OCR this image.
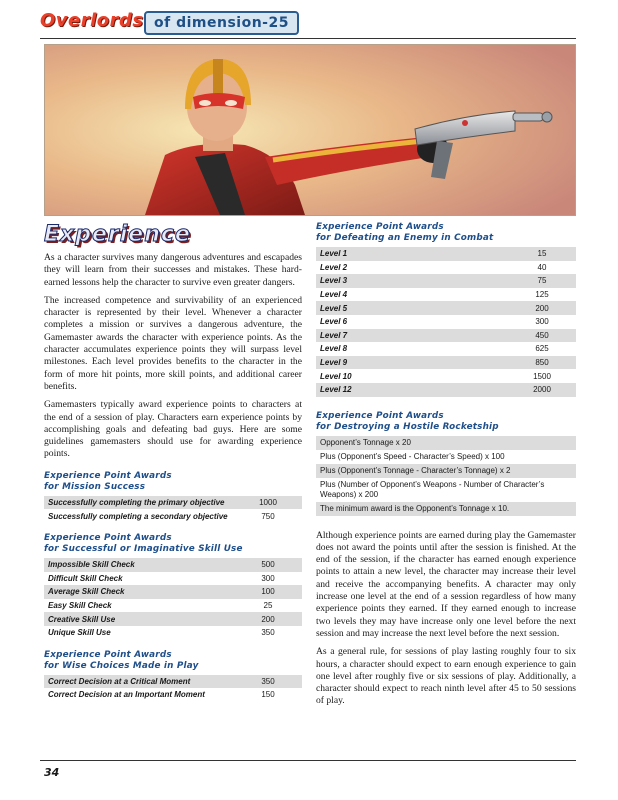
Overlords of dimension-25
Experience

As a character survives many dangerous adventures and escapades they will learn from their successes and mistakes. These hard-earned lessons help the character to survive even greater dangers.

The increased competence and survivability of an experienced character is represented by their level. Whenever a character completes a mission or survives a dangerous adventure, the Gamemaster awards the character with experience points. As the character accumulates experience points they will surpass level milestones. Each level provides benefits to the character in the form of more hit points, more skill points, and additional career benefits.

Gamemasters typically award experience points to characters at the end of a session of play. Characters earn experience points by accomplishing goals and defeating bad guys. Here are some guidelines gamemasters should use for awarding experience points.

Experience Point Awards
for Mission Success
Successfully completing the primary objective	1000
Successfully completing a secondary objective	750
Experience Point Awards
for Successful or Imaginative Skill Use
Impossible Skill Check	500
Difficult Skill Check	300
Average Skill Check	100
Easy Skill Check	25
Creative Skill Use	200
Unique Skill Use	350
Experience Point Awards
for Wise Choices Made in Play
Correct Decision at a Critical Moment	350
Correct Decision at an Important Moment	150
Experience Point Awards
for Defeating an Enemy in Combat
Level 1	15
Level 2	40
Level 3	75
Level 4	125
Level 5	200
Level 6	300
Level 7	450
Level 8	625
Level 9	850
Level 10	1500
Level 12	2000
Experience Point Awards
for Destroying a Hostile Rocketship
Opponent’s Tonnage x 20
Plus (Opponent’s Speed - Character’s Speed) x 100
Plus (Opponent’s Tonnage - Character’s Tonnage) x 2
Plus (Number of Opponent’s Weapons - Number of Character’s Weapons) x 200
The minimum award is the Opponent’s Tonnage x 10.

Although experience points are earned during play the Gamemaster does not award the points until after the session is finished. At the end of the session, if the character has earned enough experience points to attain a new level, the character may increase their level and receive the accompanying benefits. A character may only increase one level at the end of a session regardless of how many experience points they earned. If they earned enough to increase two levels they may have increase only one level before the next session and may increase the next level before the next session.

As a general rule, for sessions of play lasting roughly four to six hours, a character should expect to earn enough experience to gain one level after roughly five or six sessions of play. Additionally, a character should expect to reach ninth level after 45 to 50 sessions of play.

34
